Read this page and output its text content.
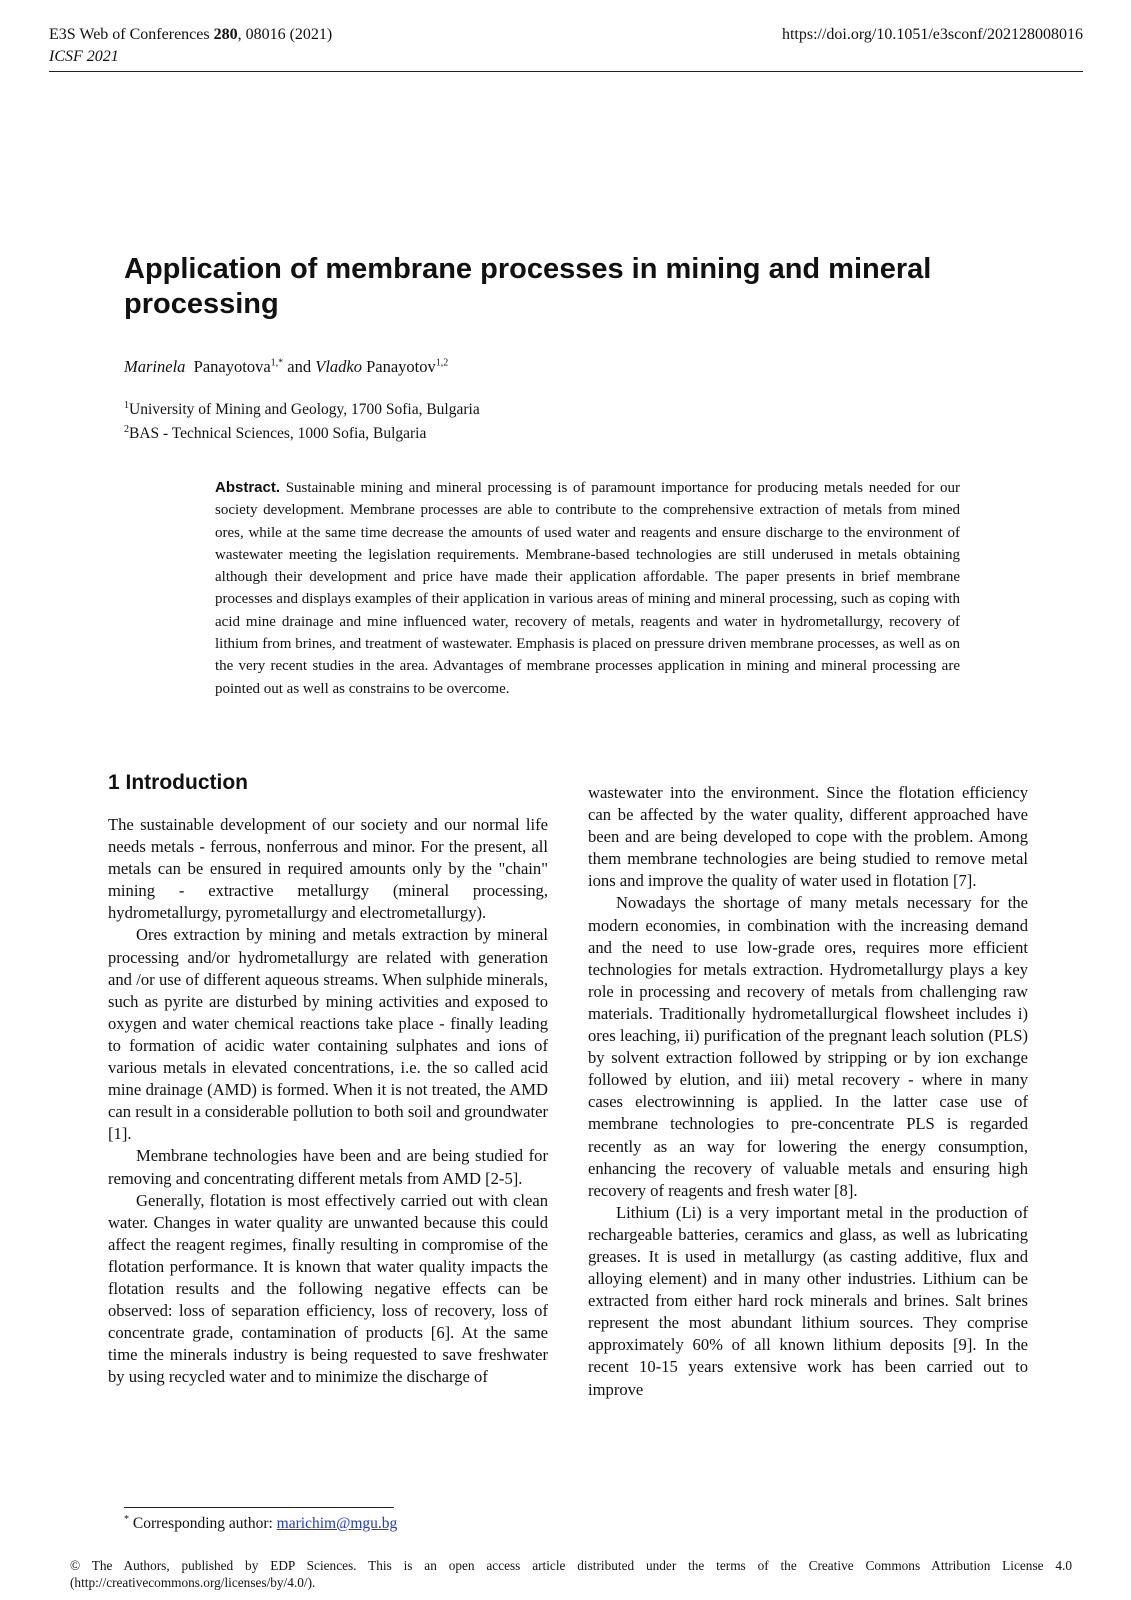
E3S Web of Conferences 280, 08016 (2021)
ICSF 2021
https://doi.org/10.1051/e3sconf/202128008016
Application of membrane processes in mining and mineral processing
Marinela Panayotova$^{1,*}$ and Vladko Panayotov$^{1,2}$
$^1$University of Mining and Geology, 1700 Sofia, Bulgaria
$^2$BAS - Technical Sciences, 1000 Sofia, Bulgaria
Abstract. Sustainable mining and mineral processing is of paramount importance for producing metals needed for our society development. Membrane processes are able to contribute to the comprehensive extraction of metals from mined ores, while at the same time decrease the amounts of used water and reagents and ensure discharge to the environment of wastewater meeting the legislation requirements. Membrane-based technologies are still underused in metals obtaining although their development and price have made their application affordable. The paper presents in brief membrane processes and displays examples of their application in various areas of mining and mineral processing, such as coping with acid mine drainage and mine influenced water, recovery of metals, reagents and water in hydrometallurgy, recovery of lithium from brines, and treatment of wastewater. Emphasis is placed on pressure driven membrane processes, as well as on the very recent studies in the area. Advantages of membrane processes application in mining and mineral processing are pointed out as well as constrains to be overcome.
1 Introduction

The sustainable development of our society and our normal life needs metals - ferrous, nonferrous and minor. For the present, all metals can be ensured in required amounts only by the "chain" mining - extractive metallurgy (mineral processing, hydrometallurgy, pyrometallurgy and electrometallurgy).

Ores extraction by mining and metals extraction by mineral processing and/or hydrometallurgy are related with generation and /or use of different aqueous streams. When sulphide minerals, such as pyrite are disturbed by mining activities and exposed to oxygen and water chemical reactions take place - finally leading to formation of acidic water containing sulphates and ions of various metals in elevated concentrations, i.e. the so called acid mine drainage (AMD) is formed. When it is not treated, the AMD can result in a considerable pollution to both soil and groundwater [1].

Membrane technologies have been and are being studied for removing and concentrating different metals from AMD [2-5].

Generally, flotation is most effectively carried out with clean water. Changes in water quality are unwanted because this could affect the reagent regimes, finally resulting in compromise of the flotation performance. It is known that water quality impacts the flotation results and the following negative effects can be observed: loss of separation efficiency, loss of recovery, loss of concentrate grade, contamination of products [6]. At the same time the minerals industry is being requested to save freshwater by using recycled water and to minimize the discharge of

wastewater into the environment. Since the flotation efficiency can be affected by the water quality, different approached have been and are being developed to cope with the problem. Among them membrane technologies are being studied to remove metal ions and improve the quality of water used in flotation [7].

Nowadays the shortage of many metals necessary for the modern economies, in combination with the increasing demand and the need to use low-grade ores, requires more efficient technologies for metals extraction. Hydrometallurgy plays a key role in processing and recovery of metals from challenging raw materials. Traditionally hydrometallurgical flowsheet includes i) ores leaching, ii) purification of the pregnant leach solution (PLS) by solvent extraction followed by stripping or by ion exchange followed by elution, and iii) metal recovery - where in many cases electrowinning is applied. In the latter case use of membrane technologies to pre-concentrate PLS is regarded recently as an way for lowering the energy consumption, enhancing the recovery of valuable metals and ensuring high recovery of reagents and fresh water [8].

Lithium (Li) is a very important metal in the production of rechargeable batteries, ceramics and glass, as well as lubricating greases. It is used in metallurgy (as casting additive, flux and alloying element) and in many other industries. Lithium can be extracted from either hard rock minerals and brines. Salt brines represent the most abundant lithium sources. They comprise approximately 60% of all known lithium deposits [9]. In the recent 10-15 years extensive work has been carried out to improve

* Corresponding author: marichim@mgu.bg
© The Authors, published by EDP Sciences. This is an open access article distributed under the terms of the Creative Commons Attribution License 4.0 (http://creativecommons.org/licenses/by/4.0/).
